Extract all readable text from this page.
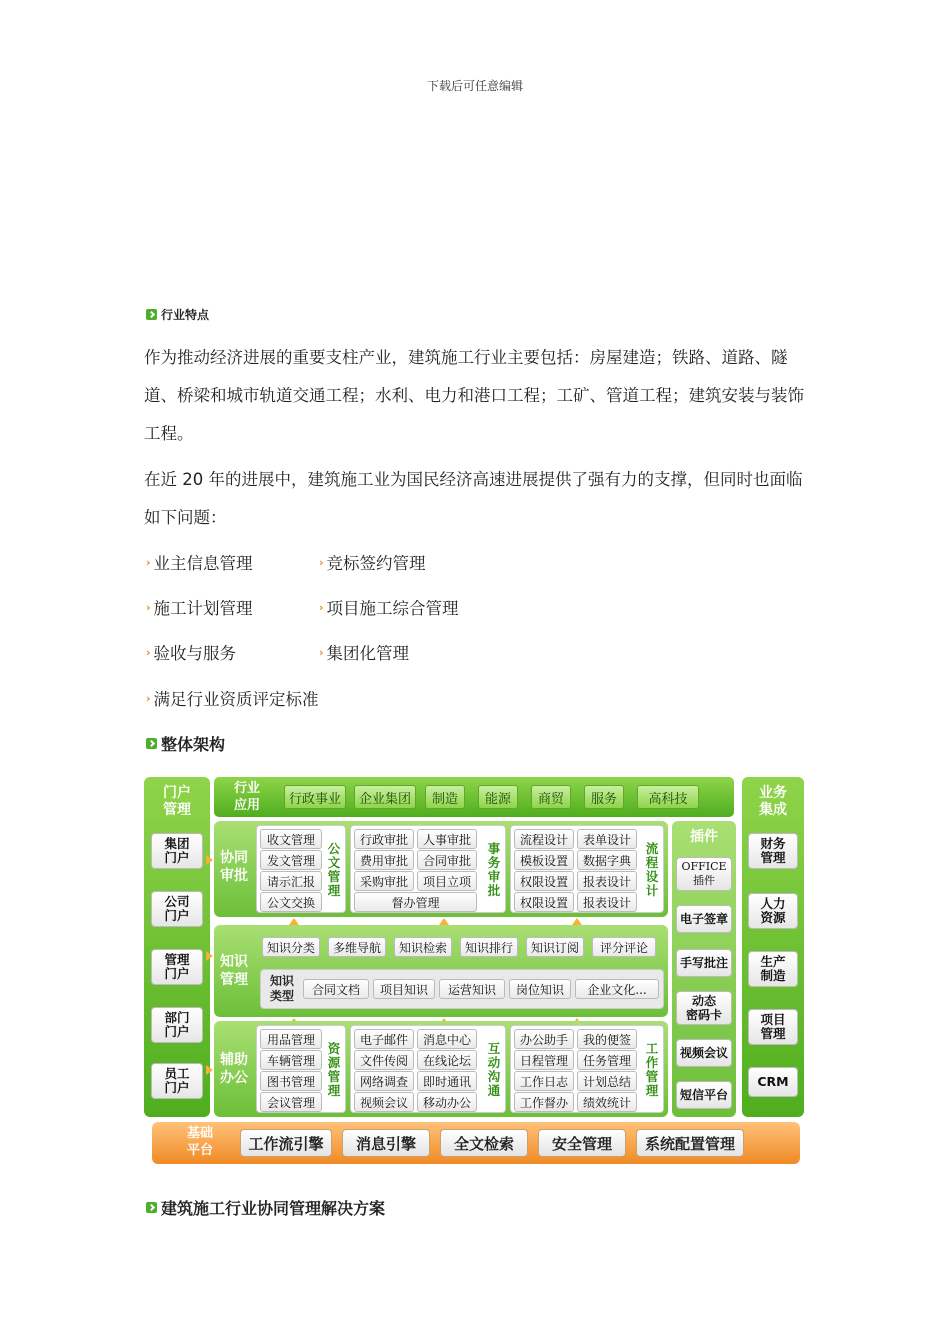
下载后可任意编辑
行业特点

作为推动经济进展的重要支柱产业，建筑施工行业主要包括：房屋建造；铁路、道路、隧道、桥梁和城市轨道交通工程；水利、电力和港口工程；工矿、管道工程；建筑安装与装饰工程。

在近 20 年的进展中，建筑施工业为国民经济高速进展提供了强有力的支撑，但同时也面临如下问题：

› 业主信息管理	› 竞标签约管理
› 施工计划管理	› 项目施工综合管理
› 验收与服务	› 集团化管理
› 满足行业资质评定标准
整体架构
门户
管理
集团
门户
公司
门户
管理
门户
部门
门户
员工
门户
行业
应用	行政事业	企业集团	制造	能源	商贸	服务	高科技	业务
集成
财务
管理
人力
资源
生产
制造
项目
管理
CRM
插件
OFFICE
插件
电子签章
手写批注
动态
密码卡
视频会议
短信平台
协同
审批
收文管理
发文管理
请示汇报
公文交换
公文管理
行政审批	人事审批
费用审批	合同审批
采购审批	项目立项
督办管理
事务审批
流程设计	表单设计
模板设置	数据字典
权限设置	报表设计
权限设置	报表设计
流程设计
知识
管理
知识分类	多维导航	知识检索	知识排行	知识订阅	评分评论
知识
类型	合同文档	项目知识	运营知识	岗位知识	企业文化...
辅助
办公
用品管理
车辆管理
图书管理
会议管理
资源管理
电子邮件	消息中心
文件传阅	在线论坛
网络调查	即时通讯
视频会议	移动办公
互动沟通
办公助手	我的便签
日程管理	任务管理
工作日志	计划总结
工作督办	绩效统计
工作管理
基础
平台	工作流引擎	消息引擎	全文检索	安全管理	系统配置管理
建筑施工行业协同管理解决方案
